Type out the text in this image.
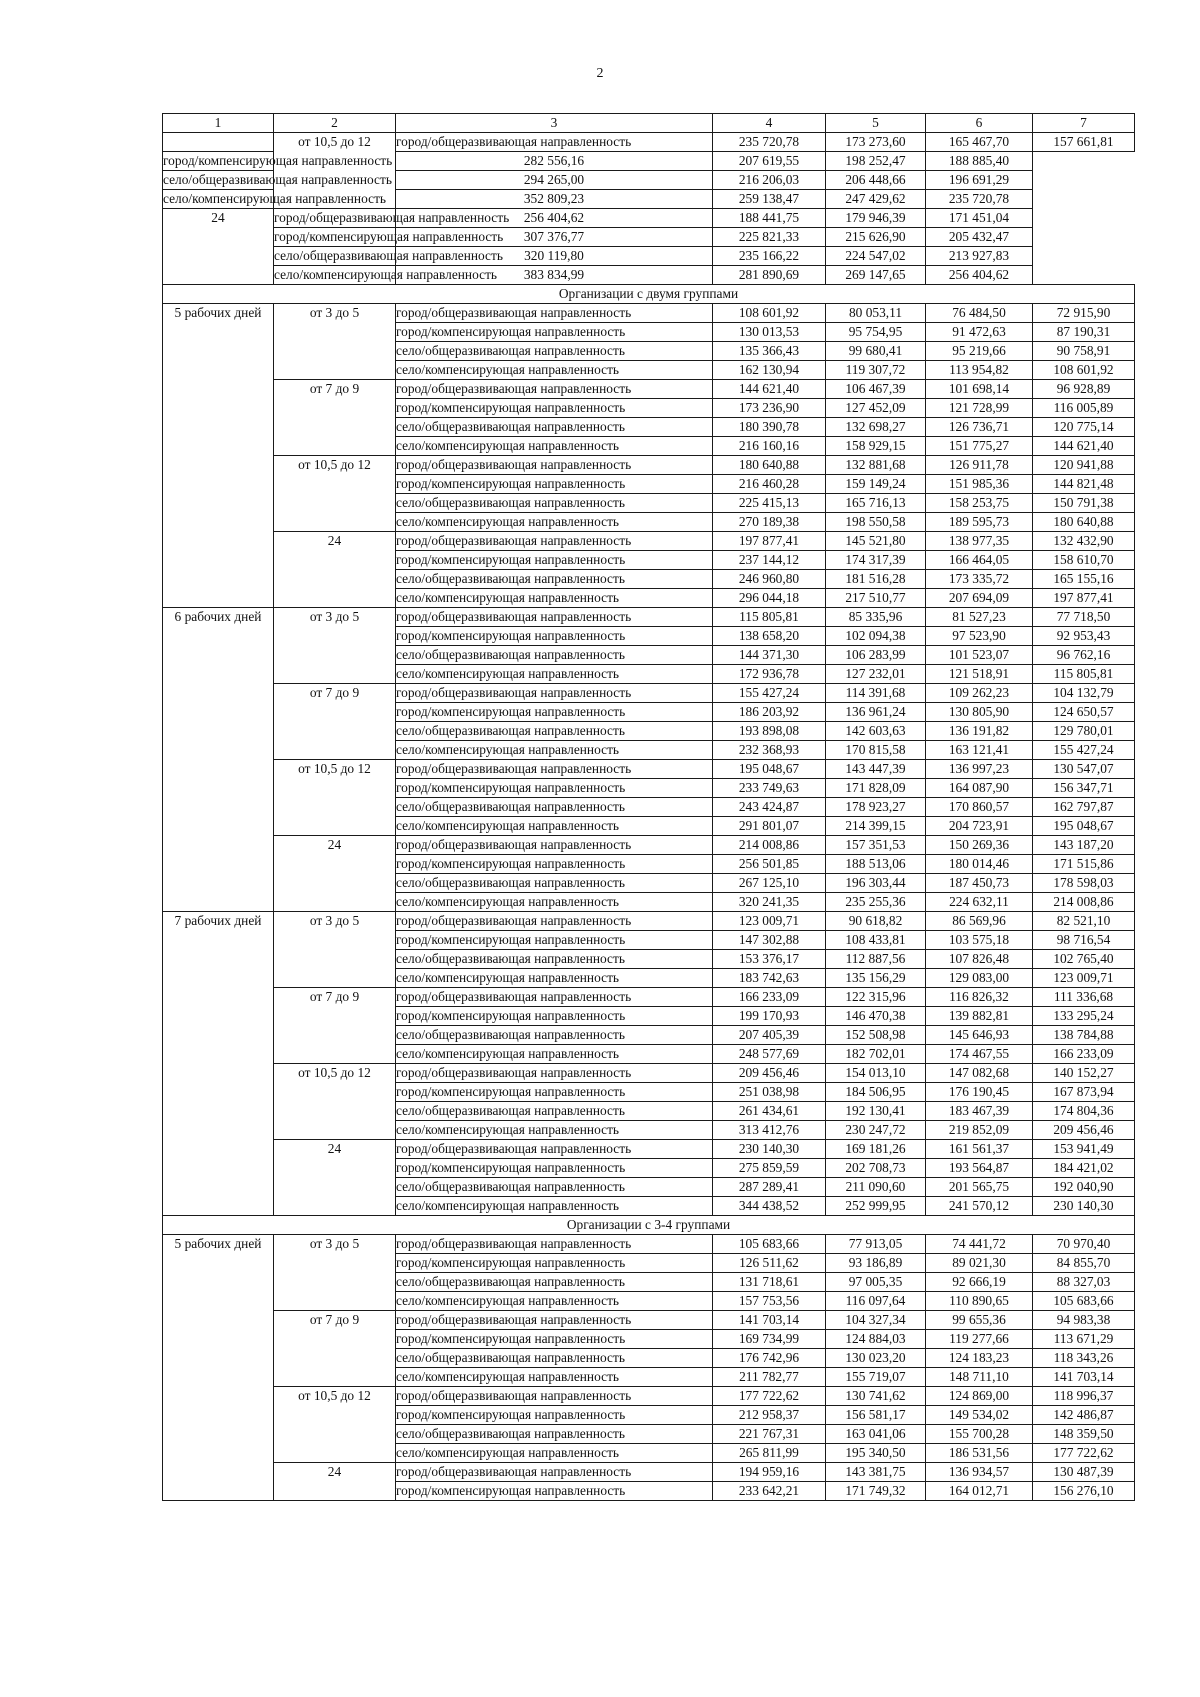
2
1	2	3	4	5	6	7
	от 10,5 до 12	город/общеразвивающая направленность	235 720,78	173 273,60	165 467,70	157 661,81
город/компенсирующая направленность		282 556,16	207 619,55	198 252,47	188 885,40	
село/общеразвивающая направленность		294 265,00	216 206,03	206 448,66	196 691,29	
село/компенсирующая направленность		352 809,23	259 138,47	247 429,62	235 720,78	
24	город/общеразвивающая направленность	256 404,62	188 441,75	179 946,39	171 451,04	
	город/компенсирующая направленность	307 376,77	225 821,33	215 626,90	205 432,47	
	село/общеразвивающая направленность	320 119,80	235 166,22	224 547,02	213 927,83	
	село/компенсирующая направленность	383 834,99	281 890,69	269 147,65	256 404,62	
Организации с двумя группами						
5 рабочих дней	от 3 до 5	город/общеразвивающая направленность	108 601,92	80 053,11	76 484,50	72 915,90
		город/компенсирующая направленность	130 013,53	95 754,95	91 472,63	87 190,31
		село/общеразвивающая направленность	135 366,43	99 680,41	95 219,66	90 758,91
		село/компенсирующая направленность	162 130,94	119 307,72	113 954,82	108 601,92
	от 7 до 9	город/общеразвивающая направленность	144 621,40	106 467,39	101 698,14	96 928,89
		город/компенсирующая направленность	173 236,90	127 452,09	121 728,99	116 005,89
		село/общеразвивающая направленность	180 390,78	132 698,27	126 736,71	120 775,14
		село/компенсирующая направленность	216 160,16	158 929,15	151 775,27	144 621,40
	от 10,5 до 12	город/общеразвивающая направленность	180 640,88	132 881,68	126 911,78	120 941,88
		город/компенсирующая направленность	216 460,28	159 149,24	151 985,36	144 821,48
		село/общеразвивающая направленность	225 415,13	165 716,13	158 253,75	150 791,38
		село/компенсирующая направленность	270 189,38	198 550,58	189 595,73	180 640,88
	24	город/общеразвивающая направленность	197 877,41	145 521,80	138 977,35	132 432,90
		город/компенсирующая направленность	237 144,12	174 317,39	166 464,05	158 610,70
		село/общеразвивающая направленность	246 960,80	181 516,28	173 335,72	165 155,16
		село/компенсирующая направленность	296 044,18	217 510,77	207 694,09	197 877,41
6 рабочих дней	от 3 до 5	город/общеразвивающая направленность	115 805,81	85 335,96	81 527,23	77 718,50
		город/компенсирующая направленность	138 658,20	102 094,38	97 523,90	92 953,43
		село/общеразвивающая направленность	144 371,30	106 283,99	101 523,07	96 762,16
		село/компенсирующая направленность	172 936,78	127 232,01	121 518,91	115 805,81
	от 7 до 9	город/общеразвивающая направленность	155 427,24	114 391,68	109 262,23	104 132,79
		город/компенсирующая направленность	186 203,92	136 961,24	130 805,90	124 650,57
		село/общеразвивающая направленность	193 898,08	142 603,63	136 191,82	129 780,01
		село/компенсирующая направленность	232 368,93	170 815,58	163 121,41	155 427,24
	от 10,5 до 12	город/общеразвивающая направленность	195 048,67	143 447,39	136 997,23	130 547,07
		город/компенсирующая направленность	233 749,63	171 828,09	164 087,90	156 347,71
		село/общеразвивающая направленность	243 424,87	178 923,27	170 860,57	162 797,87
		село/компенсирующая направленность	291 801,07	214 399,15	204 723,91	195 048,67
	24	город/общеразвивающая направленность	214 008,86	157 351,53	150 269,36	143 187,20
		город/компенсирующая направленность	256 501,85	188 513,06	180 014,46	171 515,86
		село/общеразвивающая направленность	267 125,10	196 303,44	187 450,73	178 598,03
		село/компенсирующая направленность	320 241,35	235 255,36	224 632,11	214 008,86
7 рабочих дней	от 3 до 5	город/общеразвивающая направленность	123 009,71	90 618,82	86 569,96	82 521,10
		город/компенсирующая направленность	147 302,88	108 433,81	103 575,18	98 716,54
		село/общеразвивающая направленность	153 376,17	112 887,56	107 826,48	102 765,40
		село/компенсирующая направленность	183 742,63	135 156,29	129 083,00	123 009,71
	от 7 до 9	город/общеразвивающая направленность	166 233,09	122 315,96	116 826,32	111 336,68
		город/компенсирующая направленность	199 170,93	146 470,38	139 882,81	133 295,24
		село/общеразвивающая направленность	207 405,39	152 508,98	145 646,93	138 784,88
		село/компенсирующая направленность	248 577,69	182 702,01	174 467,55	166 233,09
	от 10,5 до 12	город/общеразвивающая направленность	209 456,46	154 013,10	147 082,68	140 152,27
		город/компенсирующая направленность	251 038,98	184 506,95	176 190,45	167 873,94
		село/общеразвивающая направленность	261 434,61	192 130,41	183 467,39	174 804,36
		село/компенсирующая направленность	313 412,76	230 247,72	219 852,09	209 456,46
	24	город/общеразвивающая направленность	230 140,30	169 181,26	161 561,37	153 941,49
		город/компенсирующая направленность	275 859,59	202 708,73	193 564,87	184 421,02
		село/общеразвивающая направленность	287 289,41	211 090,60	201 565,75	192 040,90
		село/компенсирующая направленность	344 438,52	252 999,95	241 570,12	230 140,30
Организации с 3-4 группами						
5 рабочих дней	от 3 до 5	город/общеразвивающая направленность	105 683,66	77 913,05	74 441,72	70 970,40
		город/компенсирующая направленность	126 511,62	93 186,89	89 021,30	84 855,70
		село/общеразвивающая направленность	131 718,61	97 005,35	92 666,19	88 327,03
		село/компенсирующая направленность	157 753,56	116 097,64	110 890,65	105 683,66
	от 7 до 9	город/общеразвивающая направленность	141 703,14	104 327,34	99 655,36	94 983,38
		город/компенсирующая направленность	169 734,99	124 884,03	119 277,66	113 671,29
		село/общеразвивающая направленность	176 742,96	130 023,20	124 183,23	118 343,26
		село/компенсирующая направленность	211 782,77	155 719,07	148 711,10	141 703,14
	от 10,5 до 12	город/общеразвивающая направленность	177 722,62	130 741,62	124 869,00	118 996,37
		город/компенсирующая направленность	212 958,37	156 581,17	149 534,02	142 486,87
		село/общеразвивающая направленность	221 767,31	163 041,06	155 700,28	148 359,50
		село/компенсирующая направленность	265 811,99	195 340,50	186 531,56	177 722,62
	24	город/общеразвивающая направленность	194 959,16	143 381,75	136 934,57	130 487,39
		город/компенсирующая направленность	233 642,21	171 749,32	164 012,71	156 276,10
